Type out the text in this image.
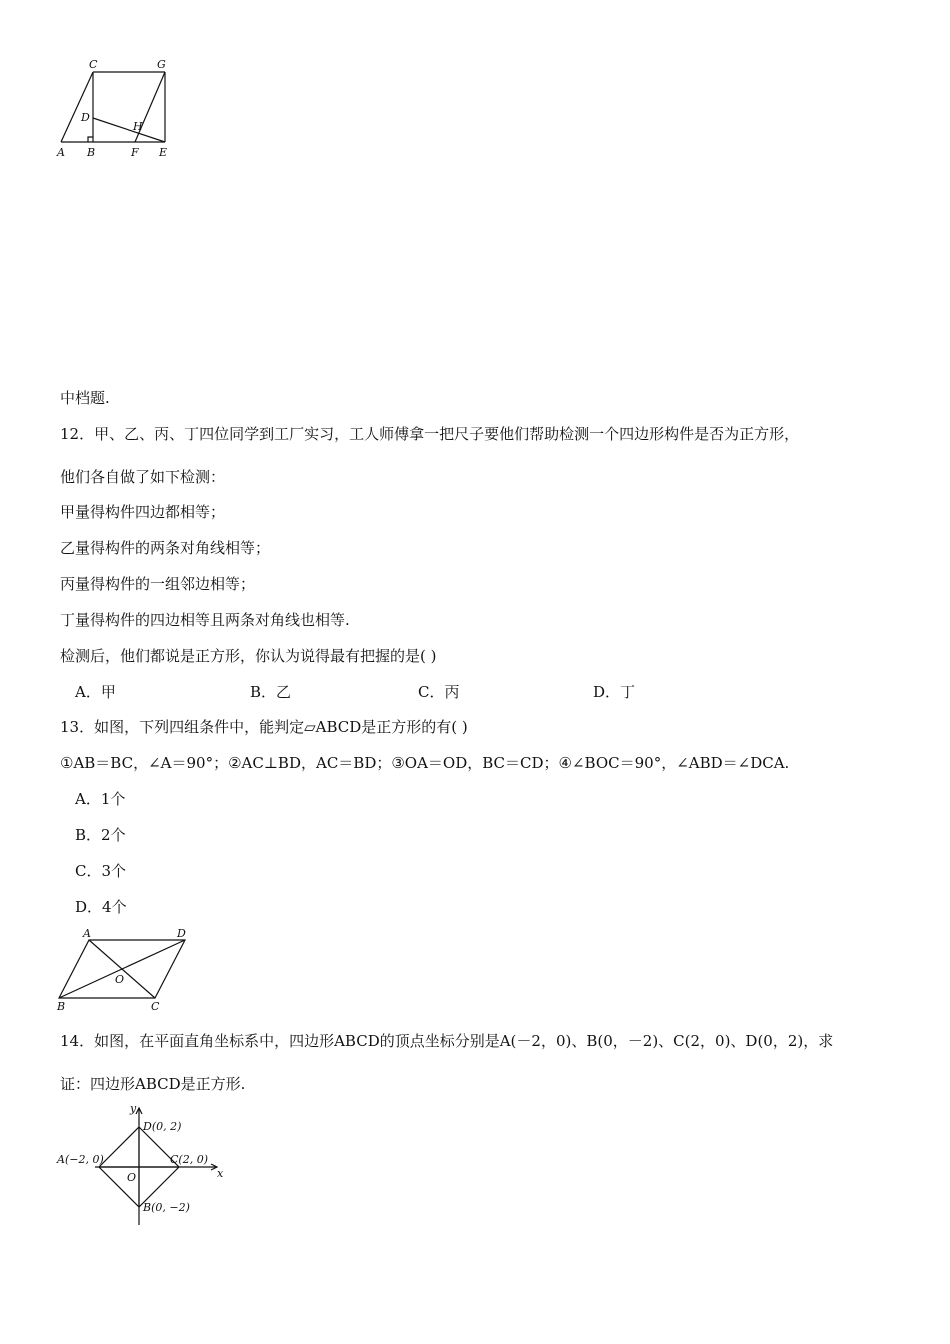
C	G
D
H
A B	F E
中档题.
12．甲、乙、丙、丁四位同学到工厂实习，工人师傅拿一把尺子要他们帮助检测一个四边形构件是否为正方形，
他们各自做了如下检测：
甲量得构件四边都相等；
乙量得构件的两条对角线相等；
丙量得构件的一组邻边相等；
丁量得构件的四边相等且两条对角线也相等.
检测后，他们都说是正方形，你认为说得最有把握的是( )
A．甲	B．乙	C．丙	D．丁
13．如图，下列四组条件中，能判定▱ABCD是正方形的有( )
①AB＝BC，∠A＝90°；②AC⊥BD，AC＝BD；③OA＝OD，BC＝CD；④∠BOC＝90°，∠ABD＝∠DCA.
A．1个
B．2个
C．3个
D．4个
A	D
O
B	C
14．如图，在平面直角坐标系中，四边形ABCD的顶点坐标分别是A(－2，0)、B(0，－2)、C(2，0)、D(0，2)，求
证：四边形ABCD是正方形.
y
x
D(0, 2)
A(−2, 0)	C(2, 0)
O
B(0, −2)
